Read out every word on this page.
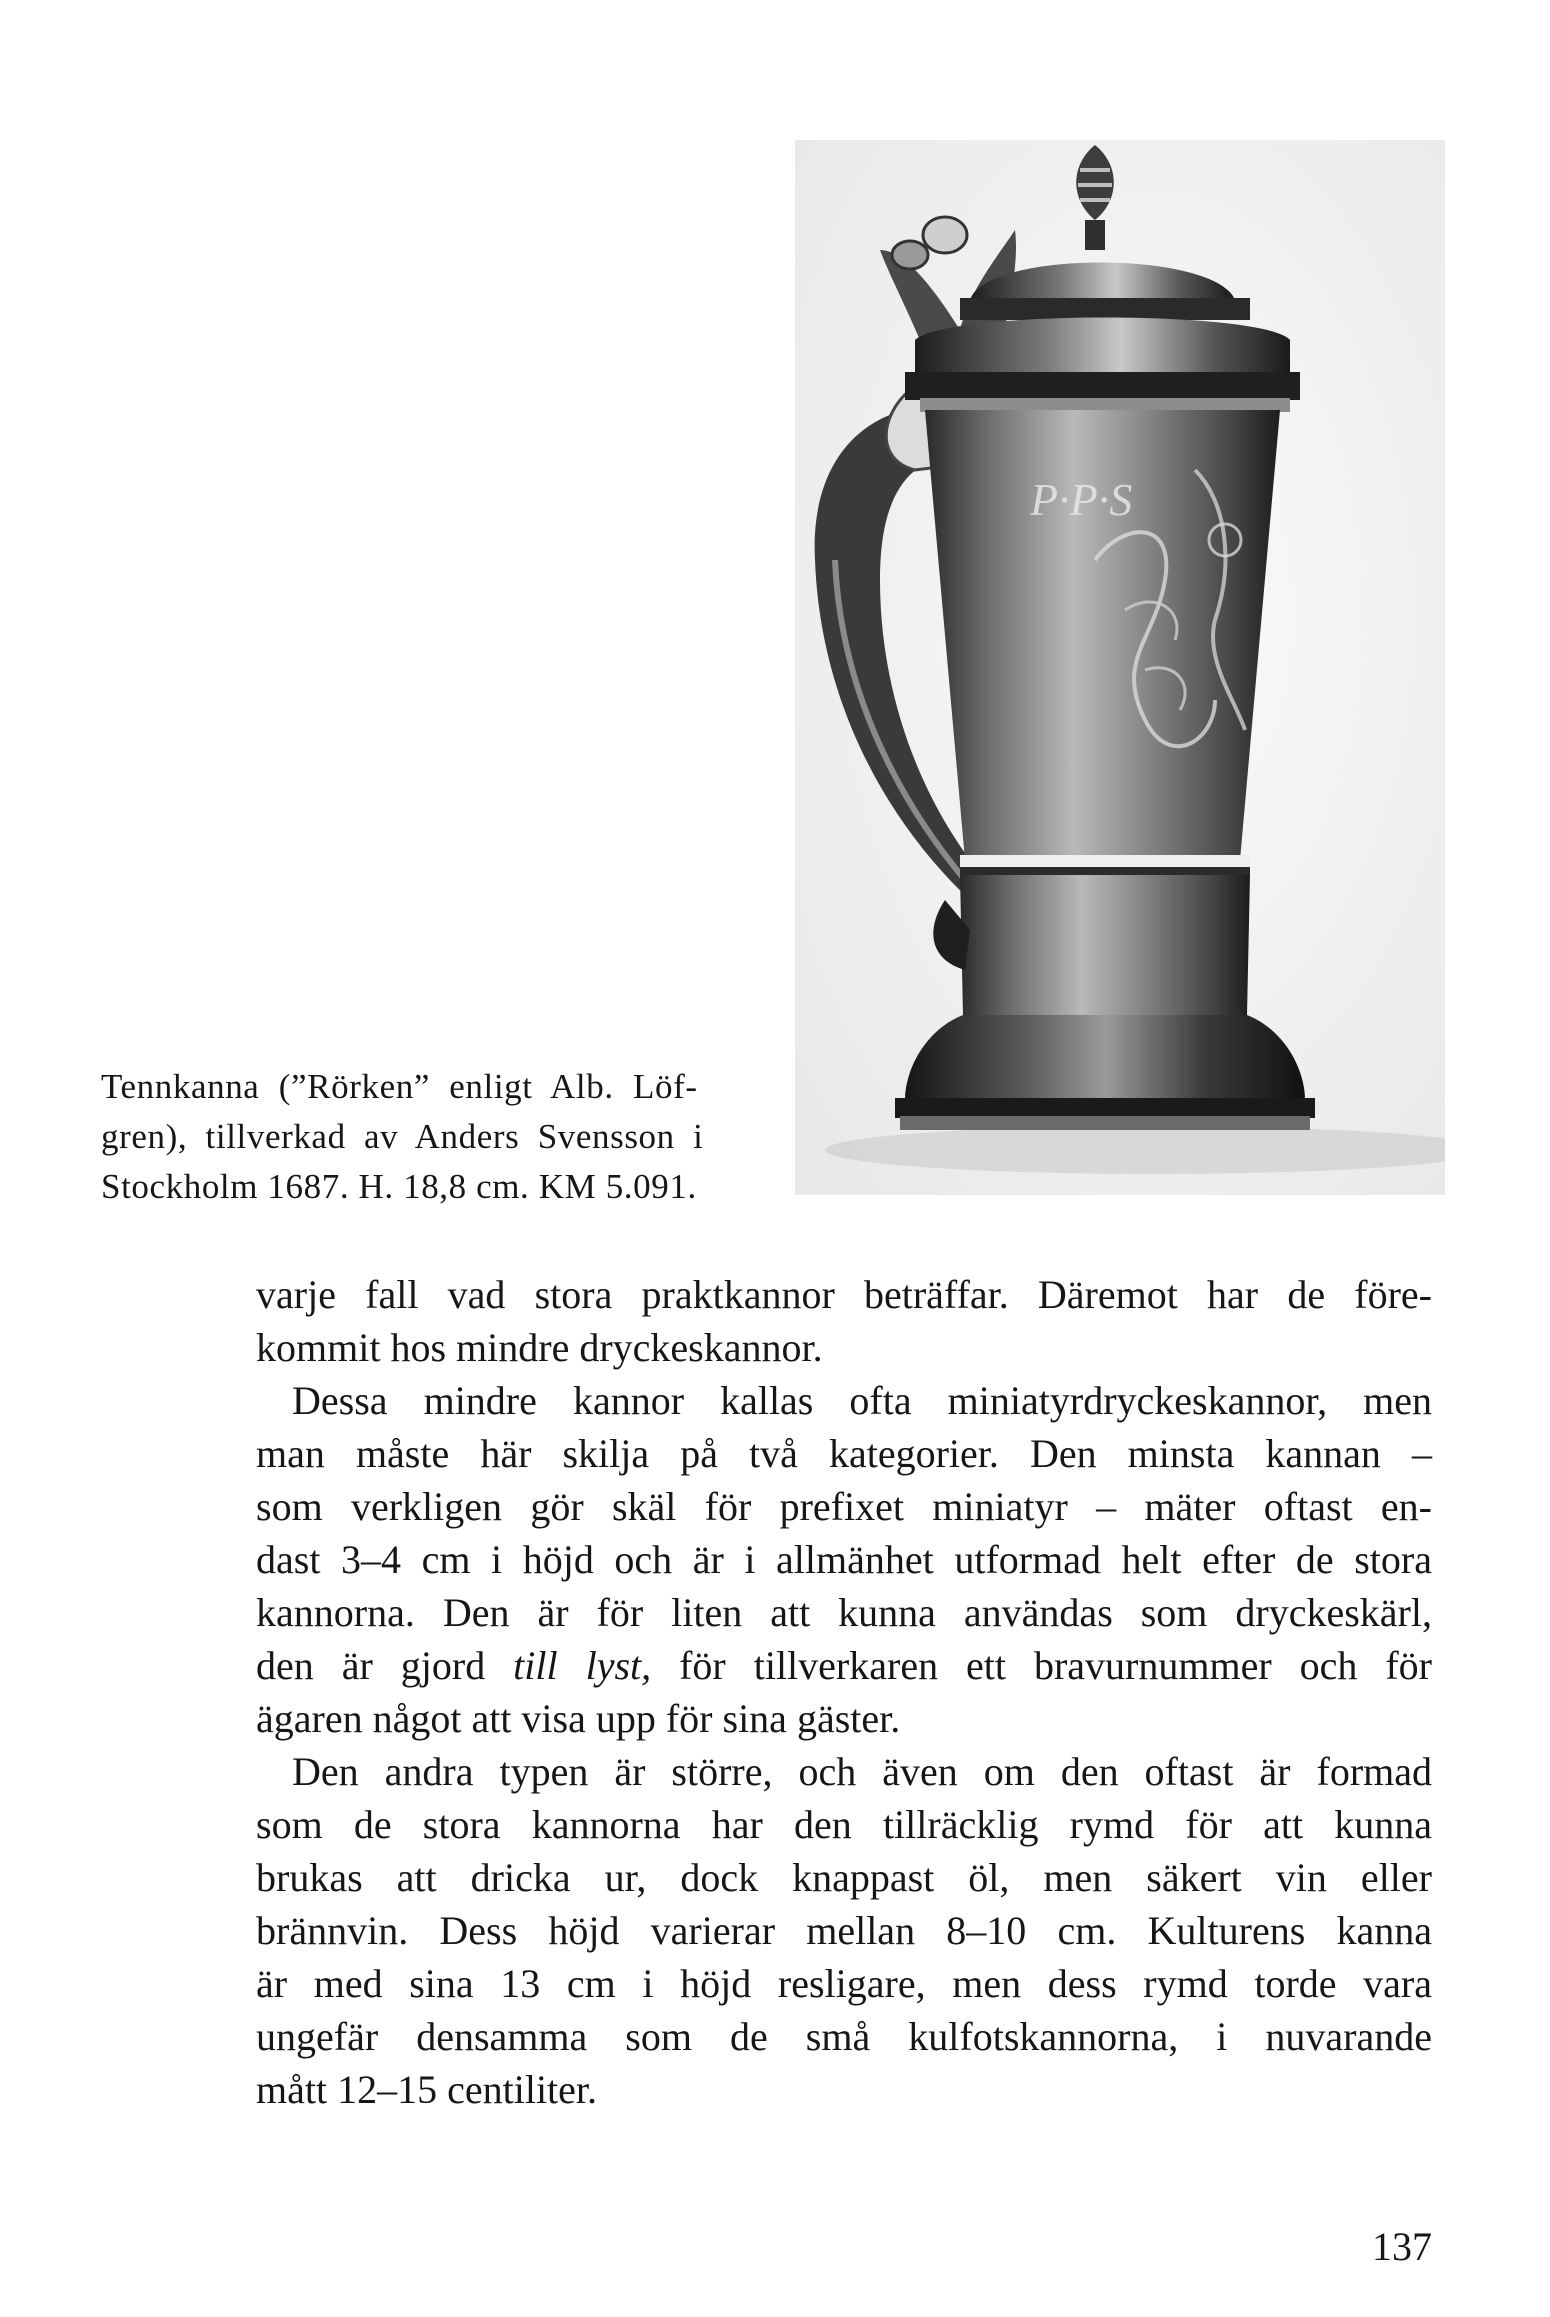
P·P·S

Tennkanna (”Rörken” enligt Alb. Löf-

gren), tillverkad av Anders Svensson i

Stockholm 1687. H. 18,8 cm. KM 5.091.

varje fall vad stora praktkannor beträffar. Däremot har de före-

kommit hos mindre dryckeskannor.

Dessa mindre kannor kallas ofta miniatyrdryckeskannor, men

man måste här skilja på två kategorier. Den minsta kannan –

som verkligen gör skäl för prefixet miniatyr – mäter oftast en-

dast 3–4 cm i höjd och är i allmänhet utformad helt efter de stora

kannorna. Den är för liten att kunna användas som dryckeskärl,

den är gjord till lyst, för tillverkaren ett bravurnummer och för

ägaren något att visa upp för sina gäster.

Den andra typen är större, och även om den oftast är formad

som de stora kannorna har den tillräcklig rymd för att kunna

brukas att dricka ur, dock knappast öl, men säkert vin eller

brännvin. Dess höjd varierar mellan 8–10 cm. Kulturens kanna

är med sina 13 cm i höjd resligare, men dess rymd torde vara

ungefär densamma som de små kulfotskannorna, i nuvarande

mått 12–15 centiliter.

137
